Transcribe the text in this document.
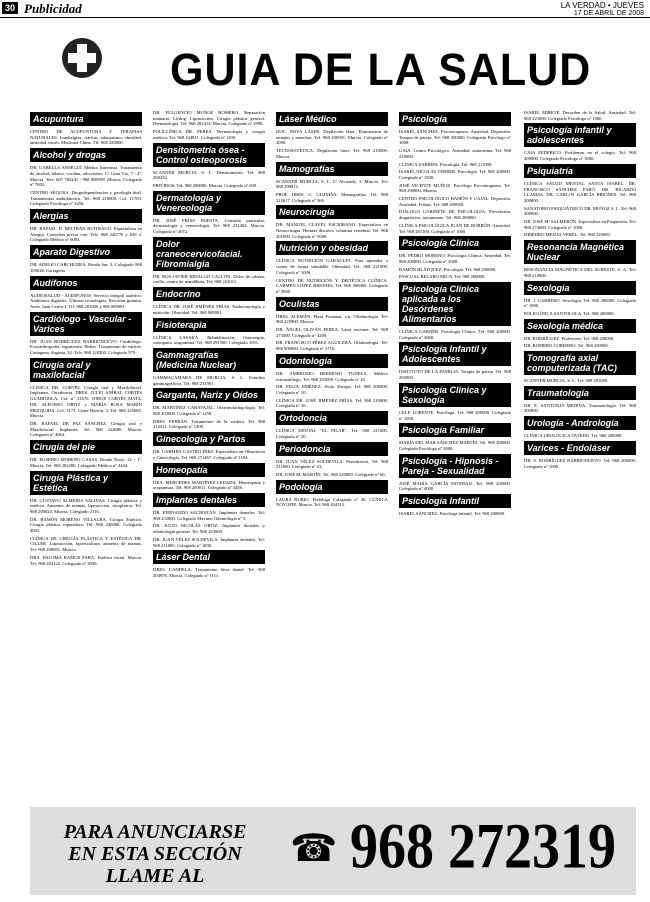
30 Publicidad	LA VERDAD • JUEVES
17 DE ABRIL DE 2008
GUIA DE LA SALUD
Acupuntura
CENTRO DE ACUPUNTURA Y TERAPIAS NATURALES. Lumbalgias, ciáticas, tabaquismo, obesidad, ansiedad, estrés. Medicina China. Tlf: 968 220000.
Alcohol y drogas
DR. GABELLA ANSEGUÍ. Médico Internista. Tratamiento de alcohol, tabaco, cocaína, adicciones. C/ Gran Vía, 7 - 4º. Murcia. Tels: 607 784241 - 968 908398. Murcia. Colegiado nº 7692.
CENTRO SEGURA. Drogodependencias y patología dual. Tratamientos ambulatorios. Tel: 968 210000. Col. 11703. Colegiado Psicólogo nº 3256.
Alergias
DR. RAFAEL D. BELTRÁN BUITRAGO. Especialista en Alergia. Consultas previa cita. Tels: 968 246776 y 629 2. Colegiado Médico nº 6083.
Aparato Digestivo
DR. ADELIO CARCHUERA. Ronda Sur, 3. Colegiado 968 100026. Cartagena.
Audífonos
AUDIOSALUD - AUDIFONOS. Servicio integral auditivo. Audífonos digitales. Últimas tecnologías. Revisión gratuita. Avda. Juan Carlos I. Tlf: 968 281000 y 968 000001.
Cardiólogo - Vascular - Varices
DR. JUAN RODRÍGUEZ BARRIONUEVO. Cardiólogo. Ecocardiografía, ergometría. Holter. Tratamiento de varices. Cartagena, Sagasta, 32. Tels: 968 120200. Colegiado 979.
Cirugía oral y maxilofacial
CLÍNICA DR. CORTÉS. Cirugía oral y Maxilofacial. Implantes. Ortodoncia. DRES. JULIO ANÍBAL CORTÉS GUARDIOLA. Col. nº 31670. JORGE CORTÉS MATA. DR. ALFONSO ORTIZ y MARÍA ROSA MARÍN MEZQUIDA. Col. 3171. Cisne Hortón, 3. Tel: 968 225685. Murcia.
DR. RAFAEL DE PAZ SÁNCHEZ. Cirugía oral y Maxilofacial. Implantes. Tel: 968 224680. Murcia. Colegiado nº 4064.
Cirugía del pie
DR. EUSEBIO MORENO CASAS. Ronda Norte, 21 - 1º. Murcia. Tel: 968 282200. Colegiado Médico nº 4444.
Cirugía Plástica y Estética
DR. GUSTAVO ALMEIDA SALINAS. Cirugía plástica y estética. Aumento de mamas, liposucción, rinoplastia. Tel: 968 200024. Murcia. Colegiado 2116.
DR. RAMÓN MORENO VILLALBA. Cirugía Estética. Cirugía plástica reparadora. Tel: 968 240000. Colegiado 4003.
CLÍNICA DE CIRUGÍA PLÁSTICA Y ESTÉTICA DR. CILLER. Liposucción, lipoescultura, aumento de mamas. Tel: 968 200001. Murcia.
DRA. PALOMA RAMOS FABA. Estética facial. Murcia. Tel: 968 282222. Colegiado nº 3030.
DR. FULGENCIO MUÑOZ ROMERO. Reparación mamaria. Lifting. Liposucción. Cirugía plástica general. Dermatología. Tel: 968 281414. Murcia. Colegiado nº 2998.
POLICLÍNICA DR. PEREA. Dermatología y cirugía estética. Tel: 968 234811. Colegiado nº 1100.
Densitometría ósea - Control osteoporosis
SCANNER MURCIA. S. L. Densitometría. Tel: 968 200232.
PRIVIDOS. Tel: 968 200000. Murcia. Colegiado nº 600.
Dermatología y Venereología
DR. JOSÉ FRÍAS INIESTA. Consulta particular, dermatología y venereología. Tel: 968 231404. Murcia. Colegiado nº 4072.
Dolor craneocervicofacial. Fibromialgia
DR. ROS JAVIER HIDALGO CALLÓN. Dolor de cabeza, cuello, centro de mandíbula. Tel: 968 222011.
Endocrino
CLÍNICA DR. JOSÉ JIMÉNEZ FRÍAS. Endocrinología y nutrición. Obesidad. Tel: 968 900001.
Fisioterapia
CLÍNICA LASAKA. Rehabilitación, fisioterapia, osteopatía, acupuntura. Tel: 968 291500. Colegiado 1051.
Gammagrafías (Medicina Nuclear)
GAMMACÁMARA DE MURCIA, S. L. Estudios gammagráficos. Tel: 968 231901.
Garganta, Nariz y Oídos
DR. MARTÍNEZ CARAVAJAL. Otorrinolaringología. Tel: 968 203000. Colegiado nº 1250.
DRES. FERRÁN. Tratamiento de la sordera. Tel: 968 212411. Colegiado nº 1400.
Ginecología y Partos
DR. CARMEN CASTRO DÍEZ. Especialista en Obstetricia y Ginecología. Tel: 968 271467. Colegiado nº 1184.
Homeopatía
DRA. MERCEDES MARTÍNEZ LEDADA. Homeopatía y acupuntura. Tel: 968 200011. Colegiado nº 3456.
Implantes dentales
DR. FERNANDO SACRISTÁN. Implantes dentales. Tel: 968 252000. Colegiado Máximo Odontología nº 5.
DR. JULIO NICOLÁS ORTIZ. Implantes dentales y odontología general. Tel: 968 253000.
DR. JUAN VÉLEZ SOLDEVILA. Implantes dentales. Tel: 968 211000. Colegiado nº 1000.
Láser Dental
DRES. CANDELA. Tratamiento láser dental. Tel: 968 204976. Murcia. Colegiado nº 1111.
Láser Médico
DOC. NOVA LÁSER. Depilación láser. Eliminación de tatuajes y manchas. Tel: 968 200001. Murcia. Colegiado nº 2000.
TECNOESTÉTICA. Depilación láser. Tel: 968 210000. Murcia.
Mamografías
SCANNER MURCIA. S. L. C/ Alvarado, 3. Murcia. Tel: 968 290812.
PROF. DRES. G. GUZMÁN. Mamografías. Tel: 968 212617. Colegiado nº 360.
Neurocirugía
DR. MANUEL CLAVEL ESCRIBANO. Especialista en Neurocirugía. Hernias discales, columna vertebral. Tel: 968 201000. Colegiado nº 5000.
Nutrición y obesidad
CLÍNICA NUTRICIÓN GARAULET. Para aprender a comer de forma saludable. Obesidad. Tel: 968 221900. Colegiado nº 1000.
CENTRO DE NUTRICIÓN Y DIETÉTICA CLÍNICA. CARMEN LÓPEZ BRIONES. Tel: 968 200000. Colegiado nº 3000.
Oculistas
DRES. ALEMÁN. Plaza Fontanar, s/n. Oftalmología. Tel: 968 225800. Murcia.
DR. ÁNGEL OLIVÁN PEREA. Láser excimer. Tel: 968 273300. Colegiado nº 4200.
DR. FRANCISCO PÉREZ AGUILERA. Oftalmología. Tel: 968 900000. Colegiado nº 3716.
Odontología
DR. AMBROSIO HERMOSO TUDELA. Médico estomatólogo. Tel: 968 283000. Colegiado nº 10.
DR. FELIX JIMÉNEZ. Avda. Europa. Tel: 968 200000. Colegiado nº 10.
CLÍNICA DR. JOSÉ JIMÉNEZ FRÍAS. Tel: 968 210000. Colegiado nº 16.
Ortodoncia
CLÍNICA DENTAL "EL PILAR". Tel: 968 211000. Colegiado nº 20.
Periodoncia
DR. JUAN VÉLEZ SOLDEVILA. Periodoncia. Tel: 968 211000. Colegiado nº 23.
DR. JOSÉ M. MARTÍN. Tel: 968 220000. Colegiado nº 60.
Podología
LAURA RUBIO. Podólogo Colegiado nº 40. CLÍNICA NOVOPIE. Murcia. Tel: 968 204313.
Psicología
ISABEL SÁNCHEZ. Psicoterapeuta. Ansiedad. Depresión. Terapia de pareja. Tel: 968 200000. Colegiado Psicólogo nº 1000.
GAIA. Centro Psicológico. Ansiedad, autoestima. Tel: 968 210000.
CLÍNICA ZARRIPA. Psicología. Tel: 968 211000.
ISABEL NICOLÁS TERRER. Psicología. Tel: 968 200000. Colegiado nº 1500.
JOSÉ VICENTE MUÑOZ. Psicólogo Psicoterapeuta. Tel: 968 290000. Murcia.
CENTRO PSICOLÓGICO RAMÓN Y CAJAL. Depresión, Ansiedad, Fobias. Tel: 968 200000.
DIÁLOGO GABINETE DE PSICOLOGÍA. Prevención, diagnóstico, tratamiento. Tel: 968 200000.
CLÍNICA PSICOLÓGICA JUAN DE BORBÓN. Ansiedad. Tel: 968 281100. Colegiado nº 1000.
Psicología Clínica
DR. PEDRO MORENO. Psicología Clínica. Ansiedad. Tel: 968 200000. Colegiado nº 2000.
RAMÓN BLÁZQUEZ. Psicología. Tel: 968 200000.
PASCUAL BELARO MICA. Tel: 968 200000.
Psicología Clínica aplicada a los Desórdenes Alimentarios
CLÍNICA GARNER. Psicología Clínica. Tel: 968 200000. Colegiado nº 3000.
Psicología Infantil y Adolescentes
INSTITUTO DE LA FAMILIA. Terapia de pareja. Tel: 968 200000.
Psicología Clínica y Sexología
CELE LORENTE. Psicóloga. Tel: 968 200000. Colegiado nº 1000.
Psicología Familiar
MARÍA DEL MAR SÁNCHEZ MARTÍN. Tel: 968 200000. Colegiado Psicólogo nº 3000.
Psicología - Hipnosis - Pareja - Sexualidad
JOSÉ MARÍA GARCÍA ESTEBAN. Tel: 968 200000. Colegiado nº 4000.
Psicología Infantil
ISABEL SÁNCHEZ. Psicóloga infantil. Tel: 968 200000.
ISABEL MIRETE. Desorden de la Salud. Ansiedad. Tel: 968 223000. Colegiado Psicólogo nº 1000.
Psicología infantil y adolescentes
CAJA FEDERICO. Problemas en el colegio. Tel: 968 200000. Colegiado Psicólogo nº 3000.
Psiquiatría
CLÍNICA SALUD MENTAL SANTA ISABEL. DR. FRANCISCO SÁNCHEZ FARÓ. DR. RICARDO LLAMAS. DR. CARLOS GARCÍA BRIONES. Tel: 968 200000.
SANATORIO PSIQUIÁTRICO DR. MUÑOZ S. L. Tel: 968 200000.
DR. JOSÉ Mª SALMERÓN. Especialista en Psiquiatría. Tel: 968 274600. Colegiado nº 1000.
DRIEDRO MEJÍAS VEREL. Tel: 968 220000.
Resonancia Magnética Nuclear
RESONANCIA MAGNÉTICA DEL SURESTE, S. A. Tel: 968 210000.
Sexología
DR. J. GARBERO. Sexología. Tel: 968 200000. Colegiado nº 1000.
POLICLÍNICA SANTOLOLA. Tel: 968 200000.
Sexología médica
DR. RODRÍGUEZ. Profesores. Tel: 968 200000.
DR. ROMERO CORDERO. Tel: 968 200000.
Tomografía axial computerizada (TAC)
SCANNER MURCIA. S. L. Tel: 968 281000.
Traumatología
DR. E. SANTONJA MEDINA. Traumatología. Tel: 968 200000.
Urología - Andrología
CLÍNICA UROLÓGICA OVIEDO. Tel: 968 200000.
Varices - Endoláser
DR. S. RODRÍGUEZ BARRIONUEVO. Tel: 968 200000. Colegiado nº 1000.
PARA ANUNCIARSE
EN ESTA SECCIÓN
LLAME AL
☎ 968 272319
